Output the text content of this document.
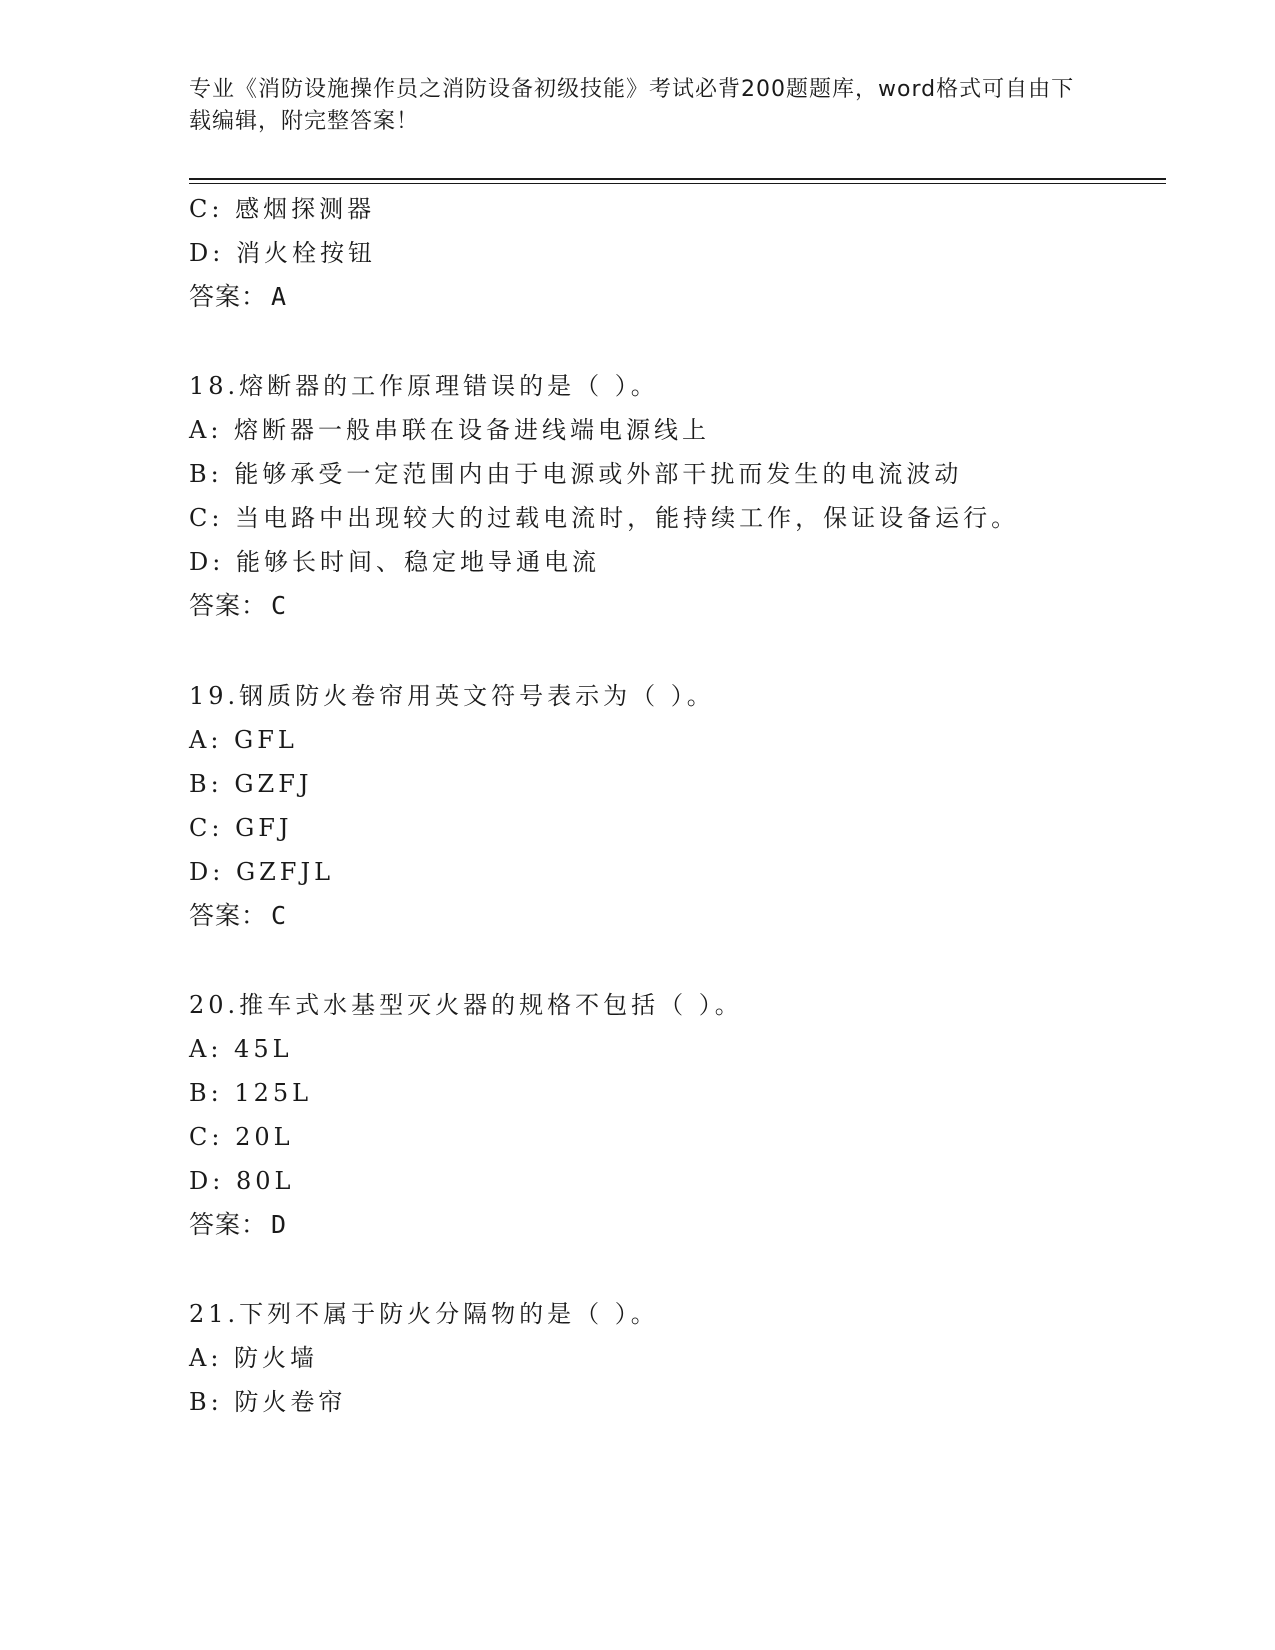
专业《消防设施操作员之消防设备初级技能》考试必背200题题库，word格式可自由下载编辑，附完整答案！
C: 感烟探测器
D: 消火栓按钮
答案： A
18.熔断器的工作原理错误的是（ ）。
A: 熔断器一般串联在设备进线端电源线上
B: 能够承受一定范围内由于电源或外部干扰而发生的电流波动
C: 当电路中出现较大的过载电流时，能持续工作，保证设备运行。
D: 能够长时间、稳定地导通电流
答案： C
19.钢质防火卷帘用英文符号表示为（ ）。
A: GFL
B: GZFJ
C: GFJ
D: GZFJL
答案： C
20.推车式水基型灭火器的规格不包括（ ）。
A: 45L
B: 125L
C: 20L
D: 80L
答案： D
21.下列不属于防火分隔物的是（ ）。
A: 防火墙
B: 防火卷帘
